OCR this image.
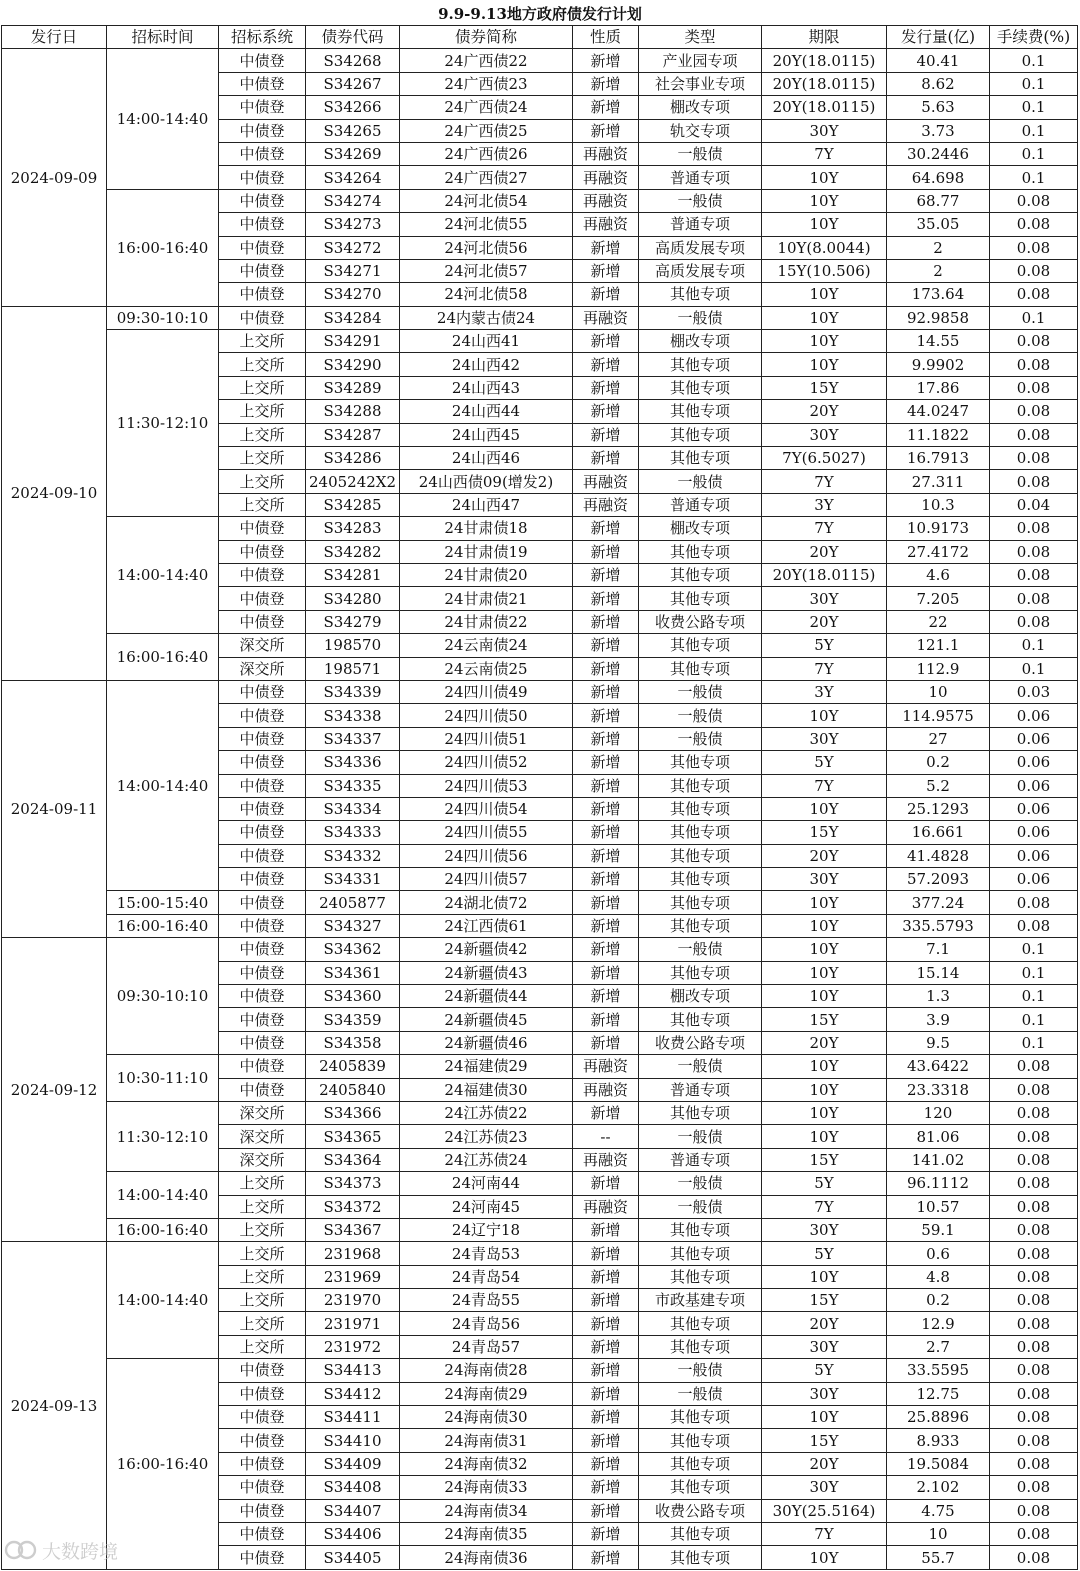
9.9-9.13地方政府债发行计划
发行日	招标时间	招标系统	债券代码	债券简称	性质	类型	期限	发行量(亿)	手续费(%)
2024-09-09	14:00-14:40	中债登	S34268	24广西债22	新增	产业园专项	20Y(18.0115)	40.41	0.1
		中债登	S34267	24广西债23	新增	社会事业专项	20Y(18.0115)	8.62	0.1
		中债登	S34266	24广西债24	新增	棚改专项	20Y(18.0115)	5.63	0.1
		中债登	S34265	24广西债25	新增	轨交专项	30Y	3.73	0.1
		中债登	S34269	24广西债26	再融资	一般债	7Y	30.2446	0.1
		中债登	S34264	24广西债27	再融资	普通专项	10Y	64.698	0.1
	16:00-16:40	中债登	S34274	24河北债54	再融资	一般债	10Y	68.77	0.08
		中债登	S34273	24河北债55	再融资	普通专项	10Y	35.05	0.08
		中债登	S34272	24河北债56	新增	高质发展专项	10Y(8.0044)	2	0.08
		中债登	S34271	24河北债57	新增	高质发展专项	15Y(10.506)	2	0.08
		中债登	S34270	24河北债58	新增	其他专项	10Y	173.64	0.08
2024-09-10	09:30-10:10	中债登	S34284	24内蒙古债24	再融资	一般债	10Y	92.9858	0.1
	11:30-12:10	上交所	S34291	24山西41	新增	棚改专项	10Y	14.55	0.08
		上交所	S34290	24山西42	新增	其他专项	10Y	9.9902	0.08
		上交所	S34289	24山西43	新增	其他专项	15Y	17.86	0.08
		上交所	S34288	24山西44	新增	其他专项	20Y	44.0247	0.08
		上交所	S34287	24山西45	新增	其他专项	30Y	11.1822	0.08
		上交所	S34286	24山西46	新增	其他专项	7Y(6.5027)	16.7913	0.08
		上交所	2405242X2	24山西债09(增发2)	再融资	一般债	7Y	27.311	0.08
		上交所	S34285	24山西47	再融资	普通专项	3Y	10.3	0.04
	14:00-14:40	中债登	S34283	24甘肃债18	新增	棚改专项	7Y	10.9173	0.08
		中债登	S34282	24甘肃债19	新增	其他专项	20Y	27.4172	0.08
		中债登	S34281	24甘肃债20	新增	其他专项	20Y(18.0115)	4.6	0.08
		中债登	S34280	24甘肃债21	新增	其他专项	30Y	7.205	0.08
		中债登	S34279	24甘肃债22	新增	收费公路专项	20Y	22	0.08
	16:00-16:40	深交所	198570	24云南债24	新增	其他专项	5Y	121.1	0.1
		深交所	198571	24云南债25	新增	其他专项	7Y	112.9	0.1
2024-09-11	14:00-14:40	中债登	S34339	24四川债49	新增	一般债	3Y	10	0.03
		中债登	S34338	24四川债50	新增	一般债	10Y	114.9575	0.06
		中债登	S34337	24四川债51	新增	一般债	30Y	27	0.06
		中债登	S34336	24四川债52	新增	其他专项	5Y	0.2	0.06
		中债登	S34335	24四川债53	新增	其他专项	7Y	5.2	0.06
		中债登	S34334	24四川债54	新增	其他专项	10Y	25.1293	0.06
		中债登	S34333	24四川债55	新增	其他专项	15Y	16.661	0.06
		中债登	S34332	24四川债56	新增	其他专项	20Y	41.4828	0.06
		中债登	S34331	24四川债57	新增	其他专项	30Y	57.2093	0.06
	15:00-15:40	中债登	2405877	24湖北债72	新增	其他专项	10Y	377.24	0.08
	16:00-16:40	中债登	S34327	24江西债61	新增	其他专项	10Y	335.5793	0.08
2024-09-12	09:30-10:10	中债登	S34362	24新疆债42	新增	一般债	10Y	7.1	0.1
		中债登	S34361	24新疆债43	新增	其他专项	10Y	15.14	0.1
		中债登	S34360	24新疆债44	新增	棚改专项	10Y	1.3	0.1
		中债登	S34359	24新疆债45	新增	其他专项	15Y	3.9	0.1
		中债登	S34358	24新疆债46	新增	收费公路专项	20Y	9.5	0.1
	10:30-11:10	中债登	2405839	24福建债29	再融资	一般债	10Y	43.6422	0.08
		中债登	2405840	24福建债30	再融资	普通专项	10Y	23.3318	0.08
	11:30-12:10	深交所	S34366	24江苏债22	新增	其他专项	10Y	120	0.08
		深交所	S34365	24江苏债23	--	一般债	10Y	81.06	0.08
		深交所	S34364	24江苏债24	再融资	普通专项	15Y	141.02	0.08
	14:00-14:40	上交所	S34373	24河南44	新增	一般债	5Y	96.1112	0.08
		上交所	S34372	24河南45	再融资	一般债	7Y	10.57	0.08
	16:00-16:40	上交所	S34367	24辽宁18	新增	其他专项	30Y	59.1	0.08
2024-09-13	14:00-14:40	上交所	231968	24青岛53	新增	其他专项	5Y	0.6	0.08
		上交所	231969	24青岛54	新增	其他专项	10Y	4.8	0.08
		上交所	231970	24青岛55	新增	市政基建专项	15Y	0.2	0.08
		上交所	231971	24青岛56	新增	其他专项	20Y	12.9	0.08
		上交所	231972	24青岛57	新增	其他专项	30Y	2.7	0.08
	16:00-16:40	中债登	S34413	24海南债28	新增	一般债	5Y	33.5595	0.08
		中债登	S34412	24海南债29	新增	一般债	30Y	12.75	0.08
		中债登	S34411	24海南债30	新增	其他专项	10Y	25.8896	0.08
		中债登	S34410	24海南债31	新增	其他专项	15Y	8.933	0.08
		中债登	S34409	24海南债32	新增	其他专项	20Y	19.5084	0.08
		中债登	S34408	24海南债33	新增	其他专项	30Y	2.102	0.08
		中债登	S34407	24海南债34	新增	收费公路专项	30Y(25.5164)	4.75	0.08
		中债登	S34406	24海南债35	新增	其他专项	7Y	10	0.08
		中债登	S34405	24海南债36	新增	其他专项	10Y	55.7	0.08
大数跨境
